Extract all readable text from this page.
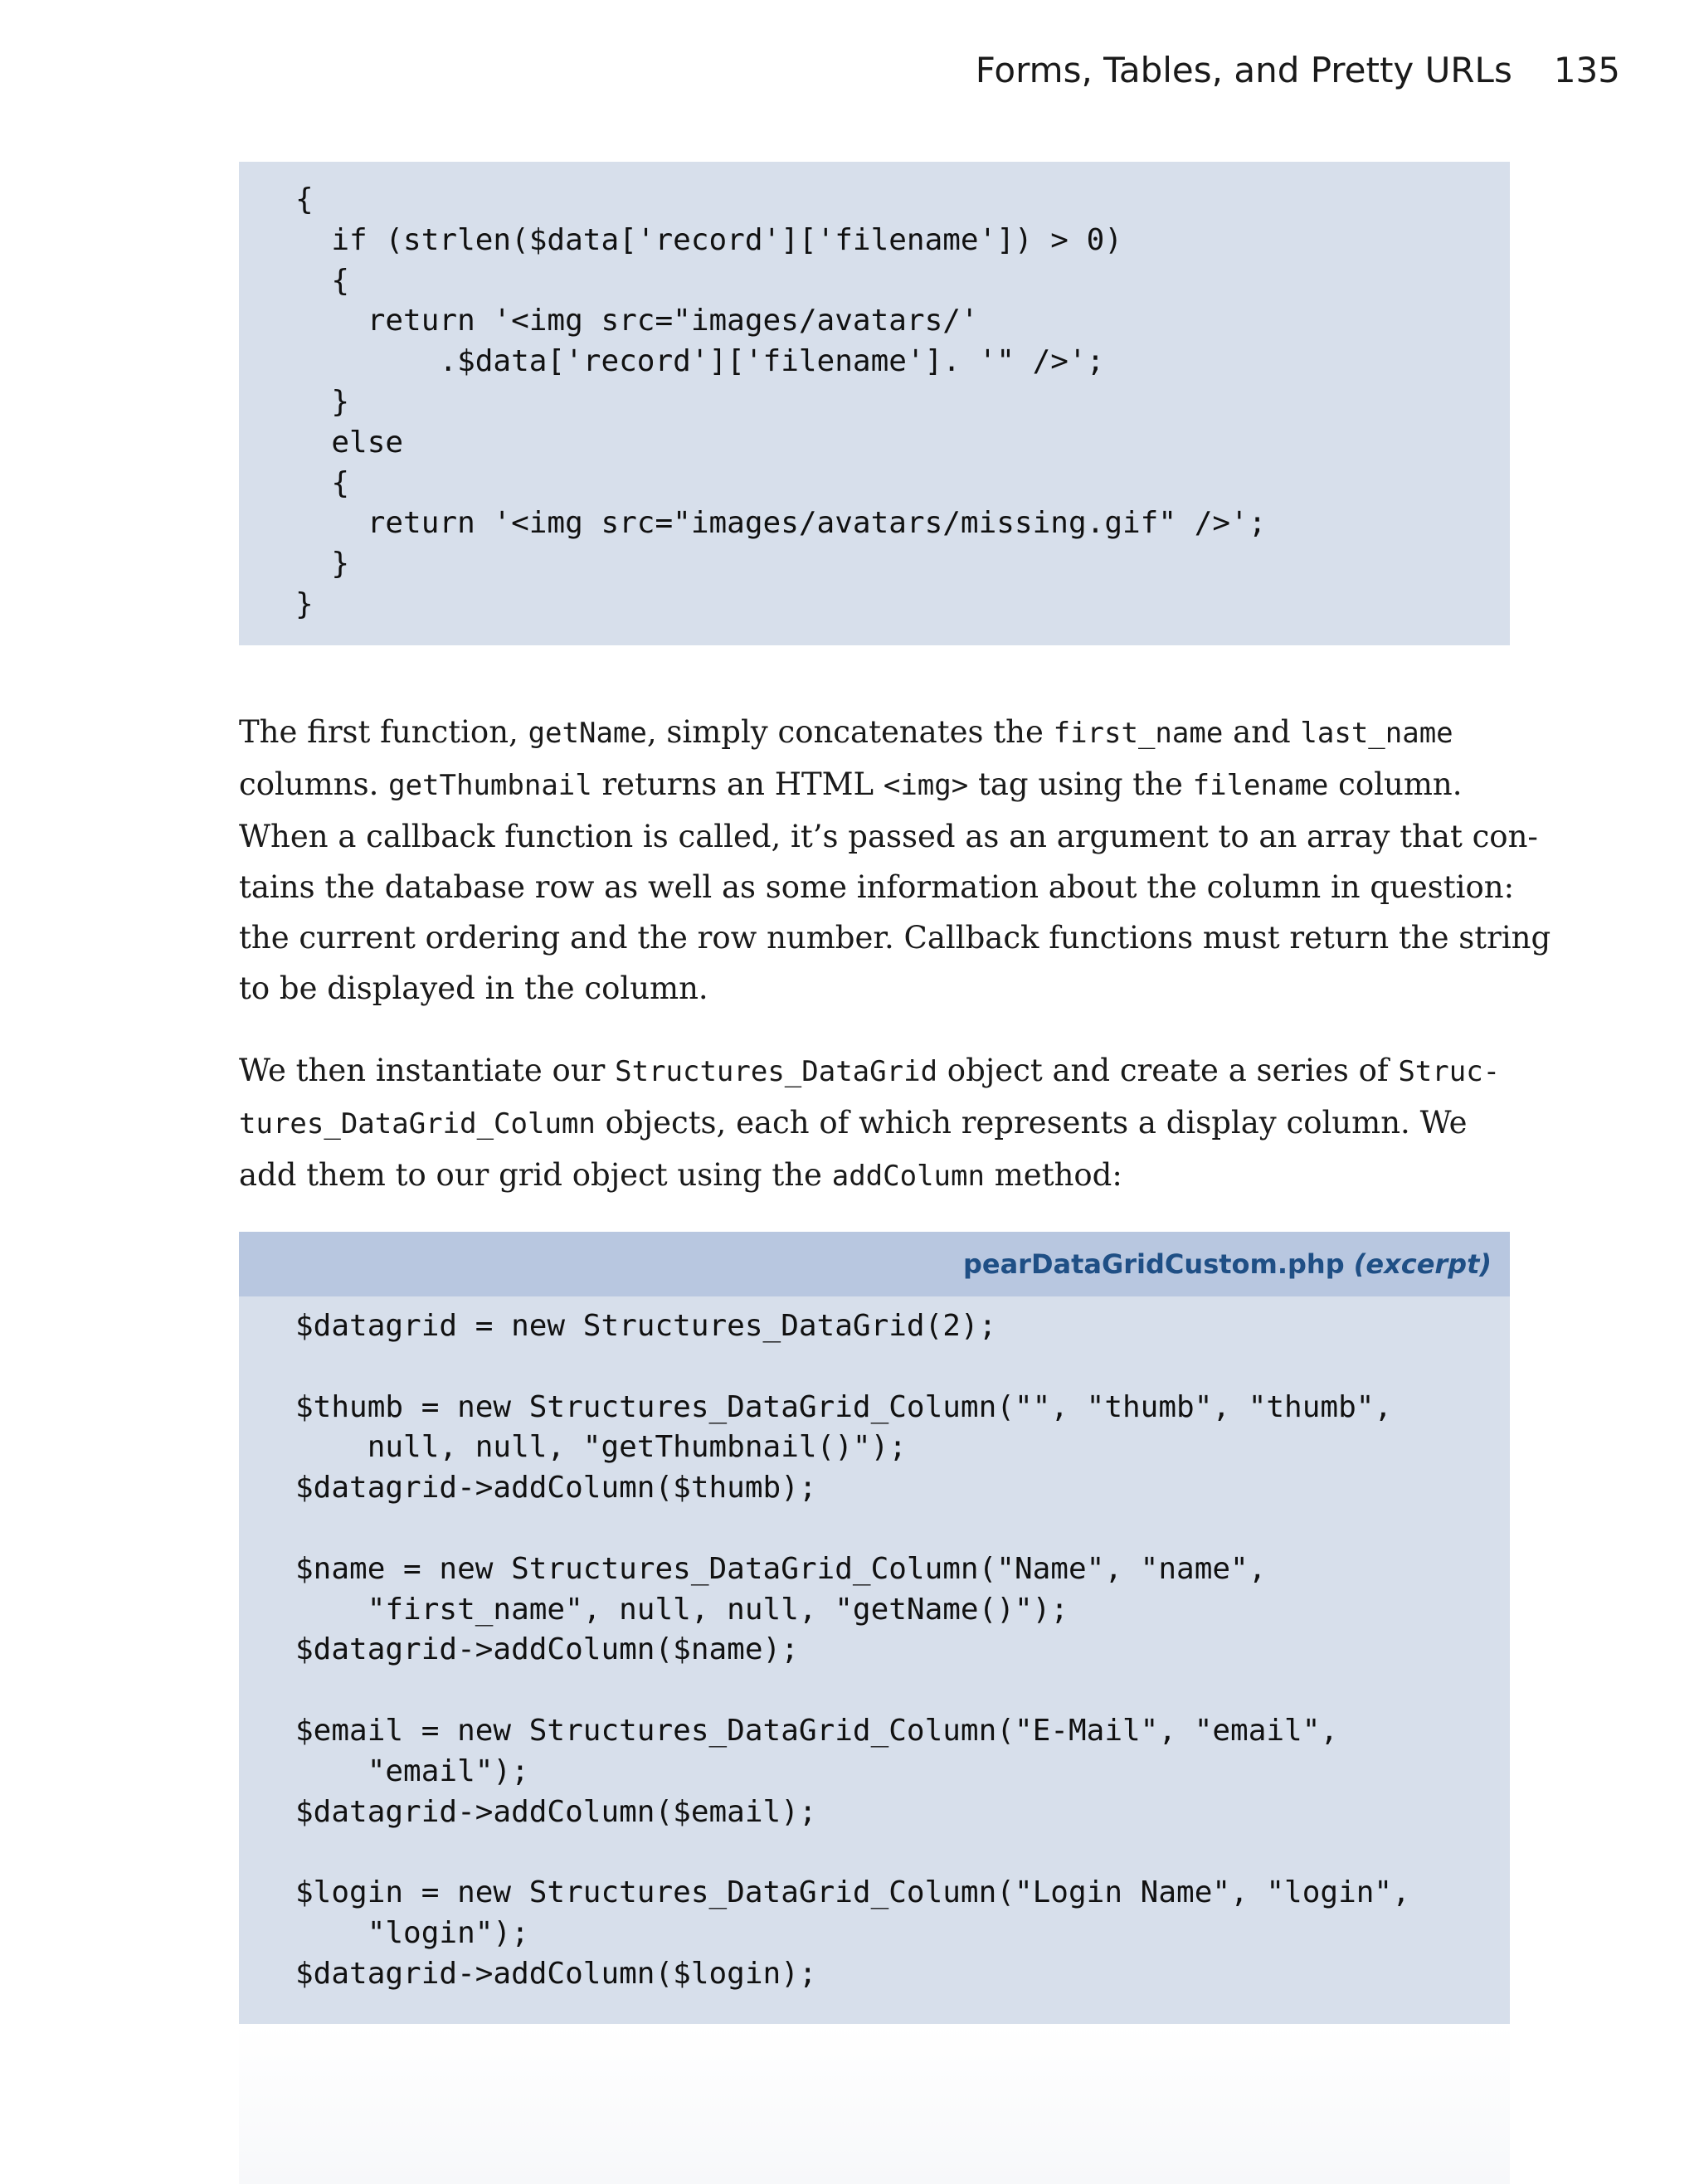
Forms, Tables, and Pretty URLs 135
{
if (strlen($data['record']['filename']) > 0)
{
return '<img src="images/avatars/'
.$data['record']['filename']. '" />';
}
else
{
return '<img src="images/avatars/missing.gif" />';
}
}

The first function, getName, simply concatenates the first_name and last_name
columns. getThumbnail returns an HTML <img> tag using the filename column.
When a callback function is called, it’s passed as an argument to an array that con-
tains the database row as well as some information about the column in question:
the current ordering and the row number. Callback functions must return the string
to be displayed in the column.

We then instantiate our Structures_DataGrid object and create a series of Struc-
tures_DataGrid_Column objects, each of which represents a display column. We
add them to our grid object using the addColumn method:

pearDataGridCustom.php (excerpt)
$datagrid = new Structures_DataGrid(2);

$thumb = new Structures_DataGrid_Column("", "thumb", "thumb",
null, null, "getThumbnail()");
$datagrid->addColumn($thumb);

$name = new Structures_DataGrid_Column("Name", "name",
"first_name", null, null, "getName()");
$datagrid->addColumn($name);

$email = new Structures_DataGrid_Column("E-Mail", "email",
"email");
$datagrid->addColumn($email);

$login = new Structures_DataGrid_Column("Login Name", "login",
"login");
$datagrid->addColumn($login);
